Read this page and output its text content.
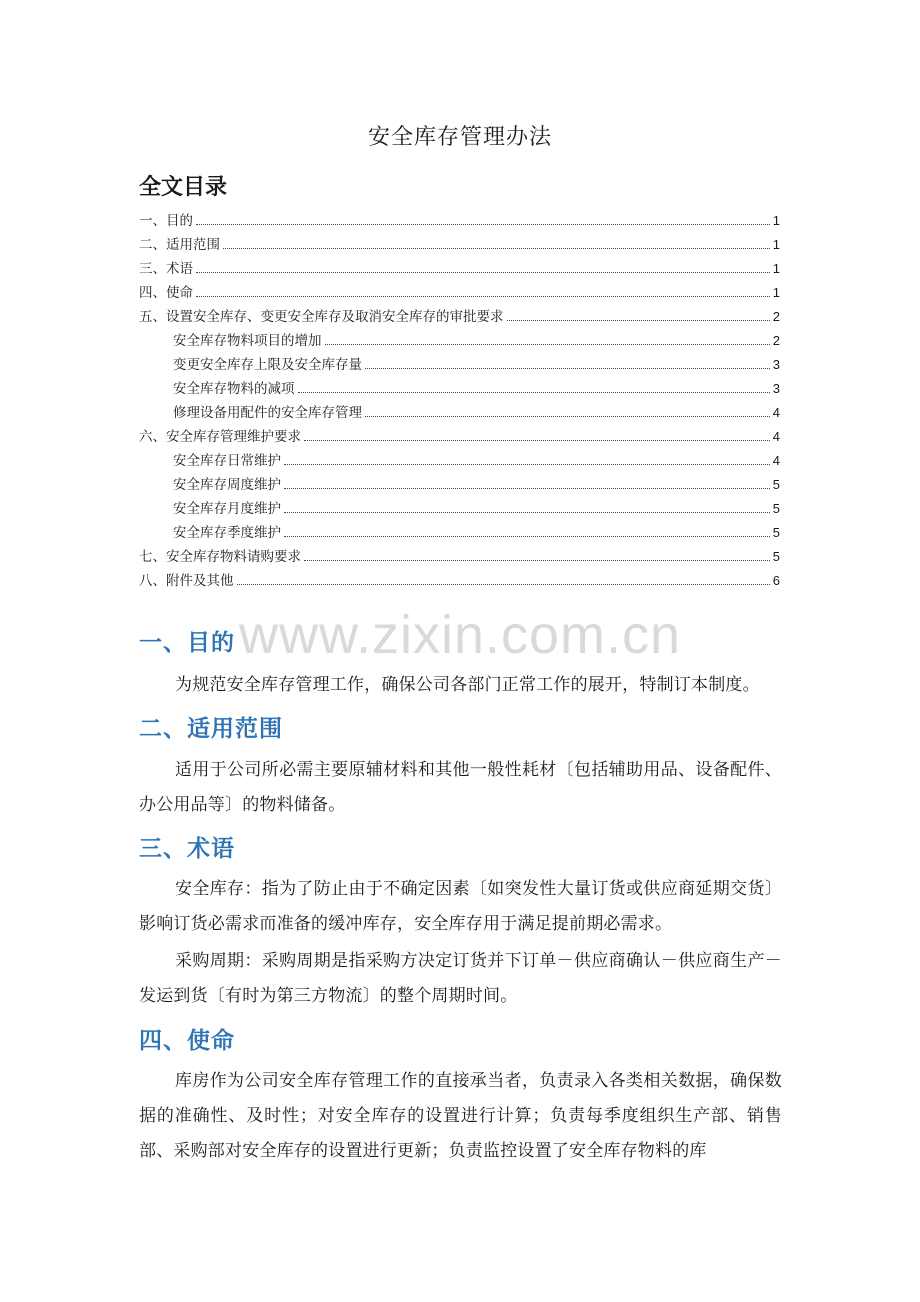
安全库存管理办法
全文目录
一、目的	1
二、适用范围	1
三、术语	1
四、使命	1
五、设置安全库存、变更安全库存及取消安全库存的审批要求	2
安全库存物料项目的增加	2
变更安全库存上限及安全库存量	3
安全库存物料的减项	3
修理设备用配件的安全库存管理	4
六、安全库存管理维护要求	4
安全库存日常维护	4
安全库存周度维护	5
安全库存月度维护	5
安全库存季度维护	5
七、安全库存物料请购要求	5
八、附件及其他	6
www.zixin.com.cn
一、目的
为规范安全库存管理工作，确保公司各部门正常工作的展开，特制订本制度。
二、适用范围
适用于公司所必需主要原辅材料和其他一般性耗材〔包括辅助用品、设备配件、办公用品等〕的物料储备。
三、术语
安全库存：指为了防止由于不确定因素〔如突发性大量订货或供应商延期交货〕影响订货必需求而准备的缓冲库存，安全库存用于满足提前期必需求。
采购周期：采购周期是指采购方决定订货并下订单－供应商确认－供应商生产－发运到货〔有时为第三方物流〕的整个周期时间。
四、使命
库房作为公司安全库存管理工作的直接承当者，负责录入各类相关数据，确保数据的准确性、及时性；对安全库存的设置进行计算；负责每季度组织生产部、销售部、采购部对安全库存的设置进行更新；负责监控设置了安全库存物料的库
